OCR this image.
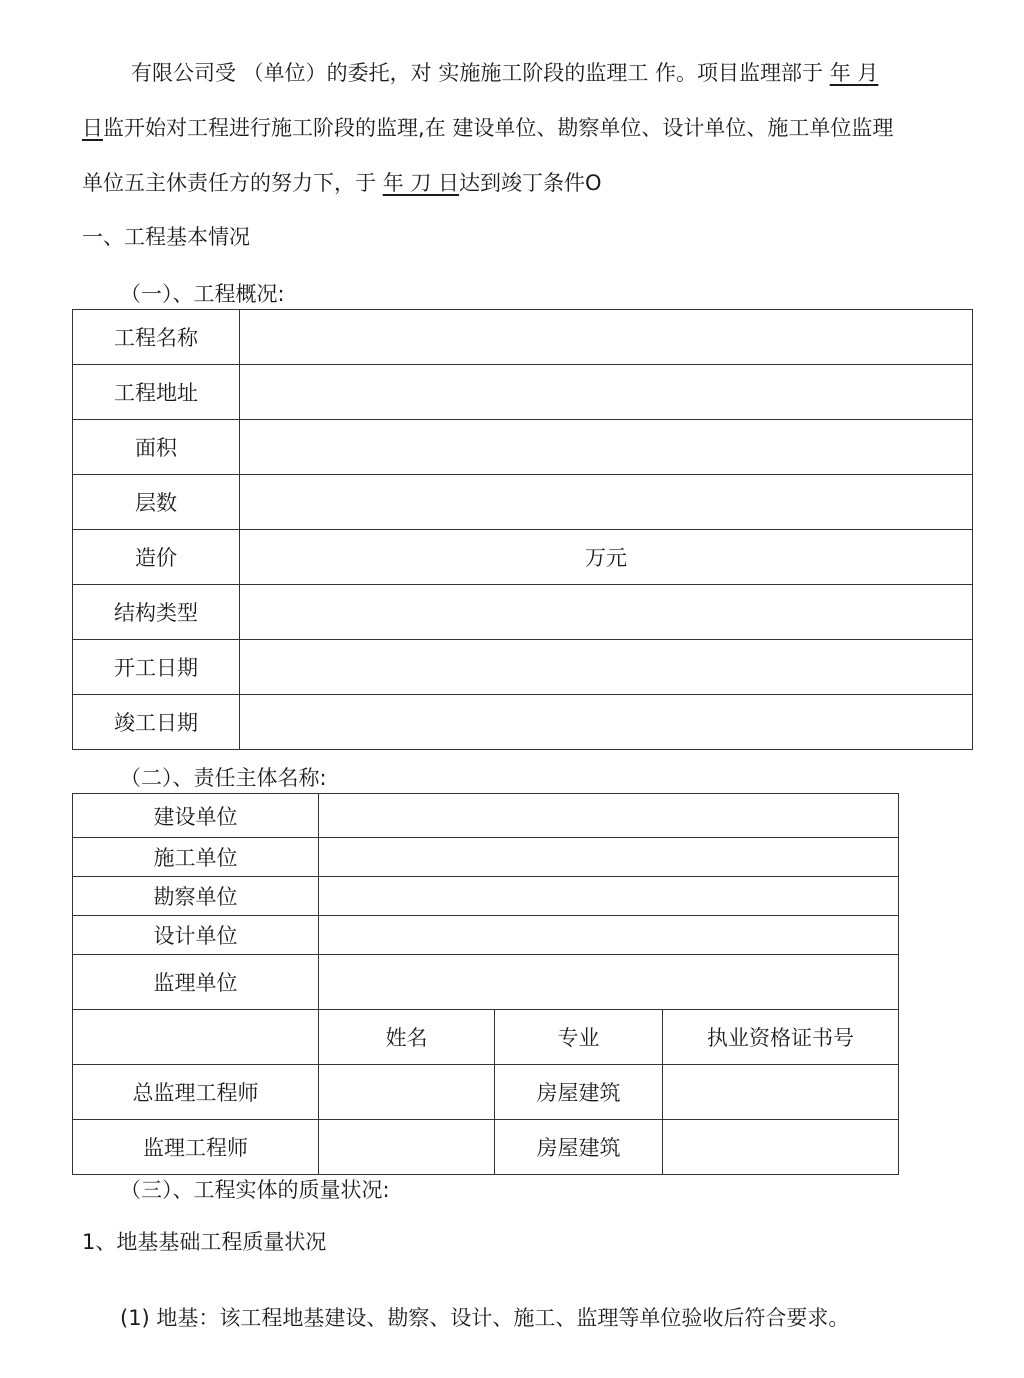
有限公司受 （单位）的委托，对 实施施工阶段的监理工 作。项目监理部于 年 月
日监开始对工程进行施工阶段的监理,在 建设单位、勘察单位、设计单位、施工单位监理
单位五主休责任方的努力下，于 年 刀 日达到竣丁条件O
一、工程基本情况
（一）、工程概况:
工程名称	
工程地址	
面积	
层数	
造价	万元
结构类型	
开工日期	
竣工日期	
（二）、责任主体名称:
建设单位			
施工单位			
勘察单位			
设计单位			
监理单位			
	姓名	专业	执业资格证书号
总监理工程师		房屋建筑	
监理工程师		房屋建筑	
（三）、工程实体的质量状况:
1、地基基础工程质量状况
(1) 地基：该工程地基建设、勘察、设计、施工、监理等单位验收后符合要求。
